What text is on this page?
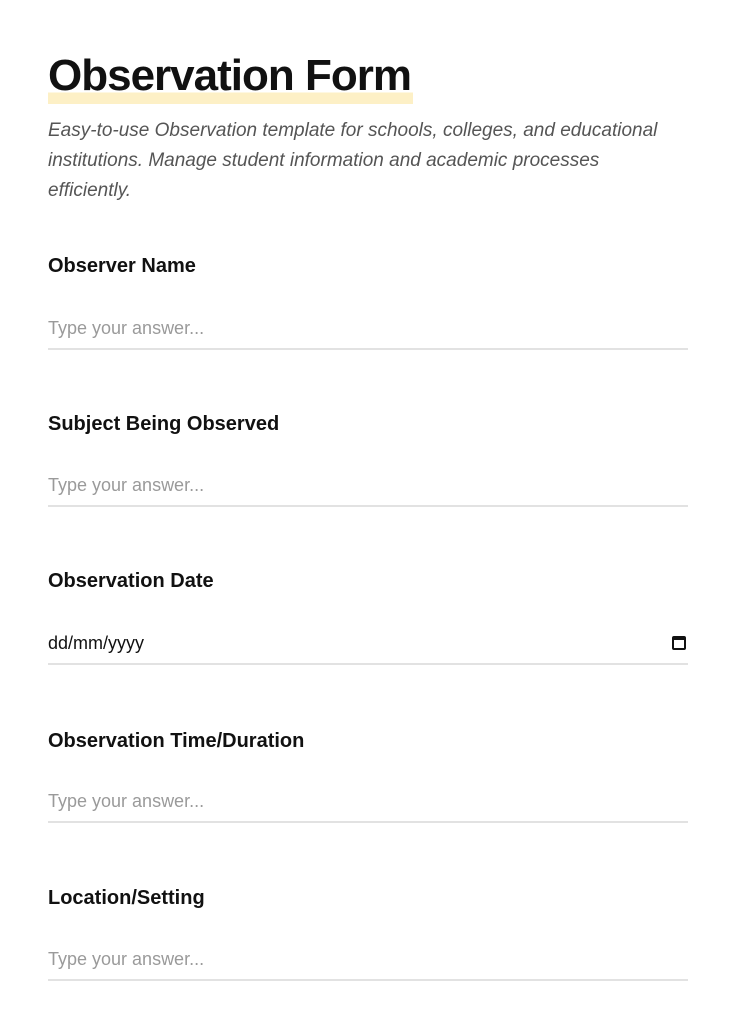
Observation Form

Easy-to-use Observation template for schools, colleges, and educational institutions. Manage student information and academic processes efficiently.

Observer Name

Type your answer...

Subject Being Observed

Type your answer...

Observation Date

dd/mm/yyyy

Observation Time/Duration

Type your answer...

Location/Setting

Type your answer...
